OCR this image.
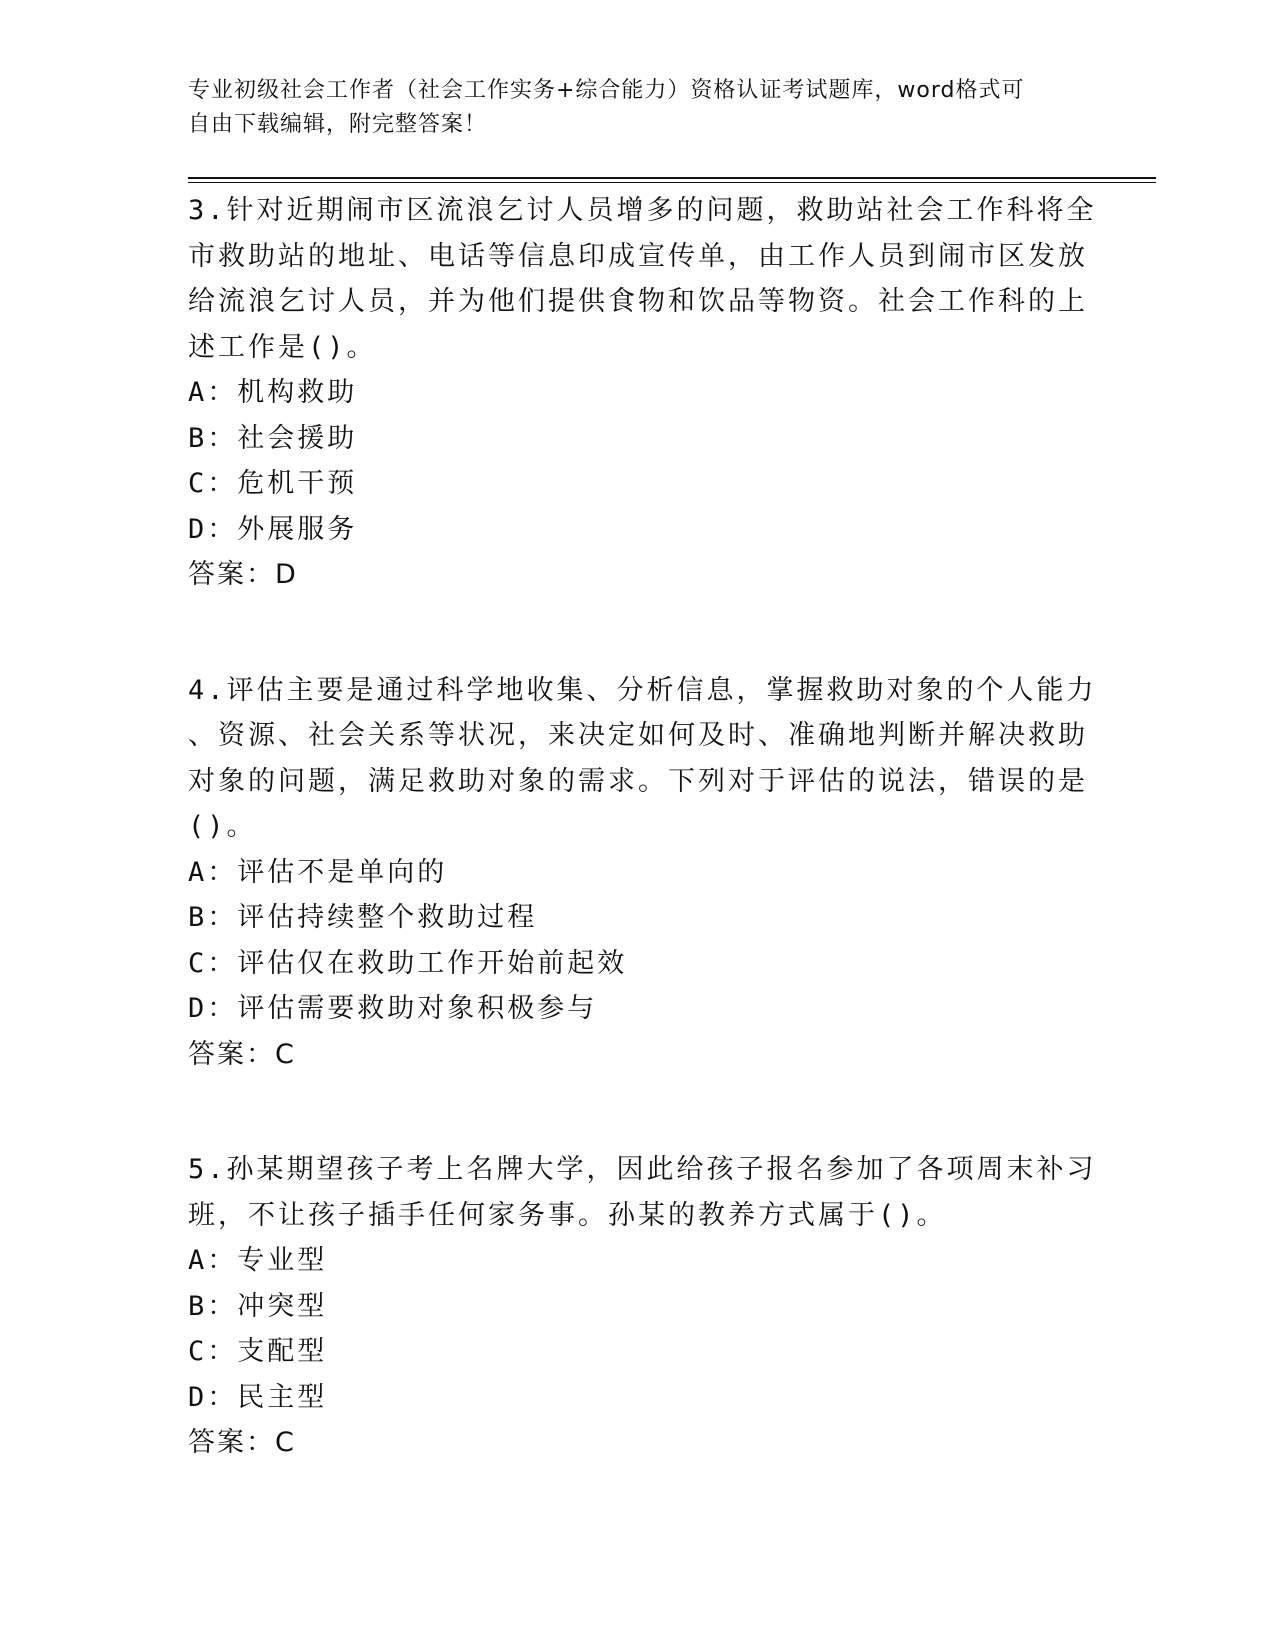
专业初级社会工作者（社会工作实务+综合能力）资格认证考试题库，word格式可
自由下载编辑，附完整答案！

3.针对近期闹市区流浪乞讨人员增多的问题，救助站社会工作科将全
市救助站的地址、电话等信息印成宣传单，由工作人员到闹市区发放
给流浪乞讨人员，并为他们提供食物和饮品等物资。社会工作科的上
述工作是()。

A：机构救助

B：社会援助

C：危机干预

D：外展服务

答案：D

4.评估主要是通过科学地收集、分析信息，掌握救助对象的个人能力
、资源、社会关系等状况，来决定如何及时、准确地判断并解决救助
对象的问题，满足救助对象的需求。下列对于评估的说法，错误的是
()。

A：评估不是单向的

B：评估持续整个救助过程

C：评估仅在救助工作开始前起效

D：评估需要救助对象积极参与

答案：C

5.孙某期望孩子考上名牌大学，因此给孩子报名参加了各项周末补习
班，不让孩子插手任何家务事。孙某的教养方式属于()。

A：专业型

B：冲突型

C：支配型

D：民主型

答案：C
